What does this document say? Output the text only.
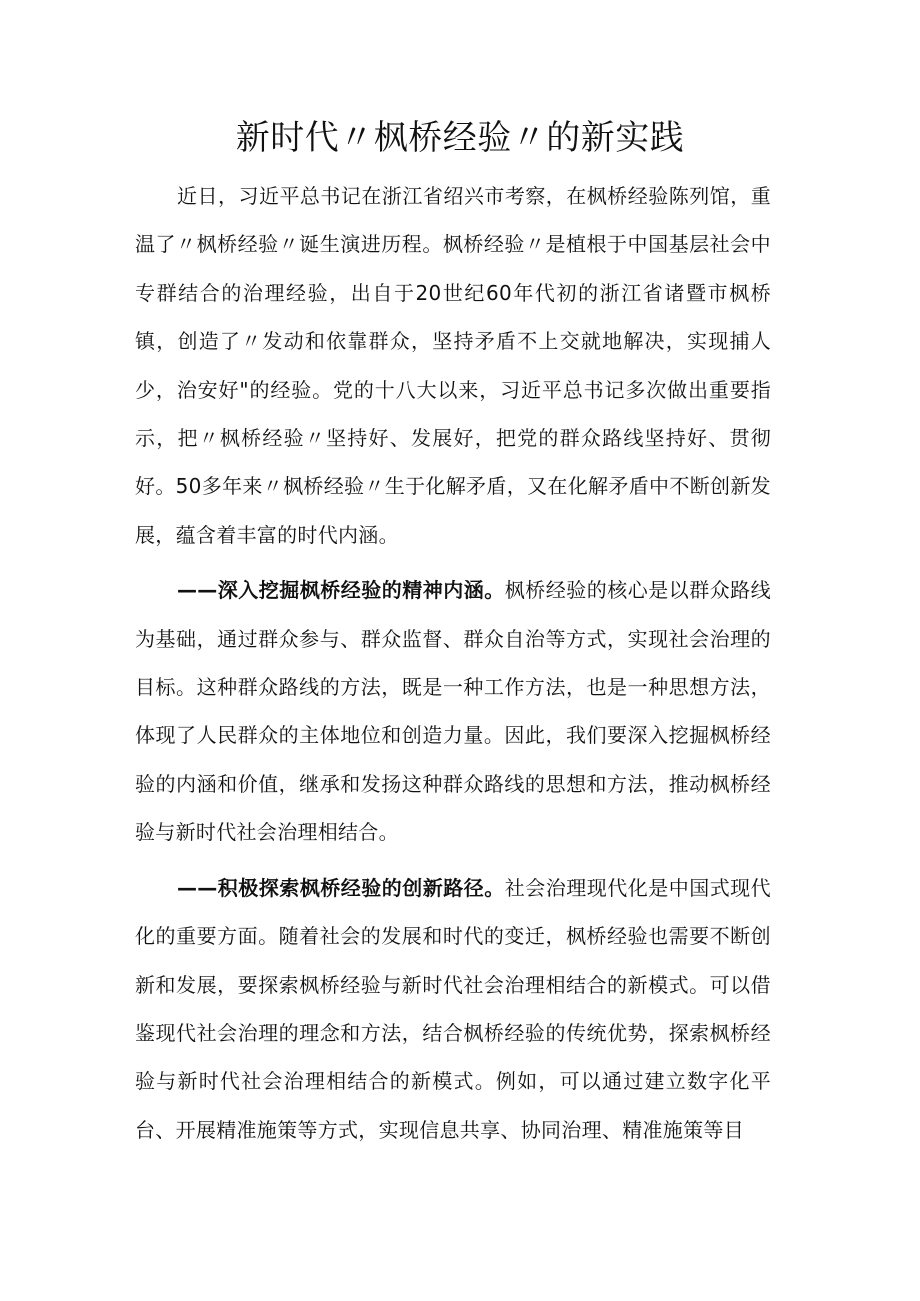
新时代〃枫桥经验〃的新实践

近日，习近平总书记在浙江省绍兴市考察，在枫桥经验陈列馆，重温了〃枫桥经验〃诞生演进历程。枫桥经验〃是植根于中国基层社会中专群结合的治理经验，出自于20世纪60年代初的浙江省诸暨市枫桥镇，创造了〃发动和依靠群众，坚持矛盾不上交就地解决，实现捕人少，治安好"的经验。党的十八大以来，习近平总书记多次做出重要指示，把〃枫桥经验〃坚持好、发展好，把党的群众路线坚持好、贯彻好。50多年来〃枫桥经验〃生于化解矛盾，又在化解矛盾中不断创新发展，蕴含着丰富的时代内涵。

——深入挖掘枫桥经验的精神内涵。枫桥经验的核心是以群众路线为基础，通过群众参与、群众监督、群众自治等方式，实现社会治理的目标。这种群众路线的方法，既是一种工作方法，也是一种思想方法，体现了人民群众的主体地位和创造力量。因此，我们要深入挖掘枫桥经验的内涵和价值，继承和发扬这种群众路线的思想和方法，推动枫桥经验与新时代社会治理相结合。

——积极探索枫桥经验的创新路径。社会治理现代化是中国式现代化的重要方面。随着社会的发展和时代的变迁，枫桥经验也需要不断创新和发展，要探索枫桥经验与新时代社会治理相结合的新模式。可以借鉴现代社会治理的理念和方法，结合枫桥经验的传统优势，探索枫桥经验与新时代社会治理相结合的新模式。例如，可以通过建立数字化平台、开展精准施策等方式，实现信息共享、协同治理、精准施策等目
